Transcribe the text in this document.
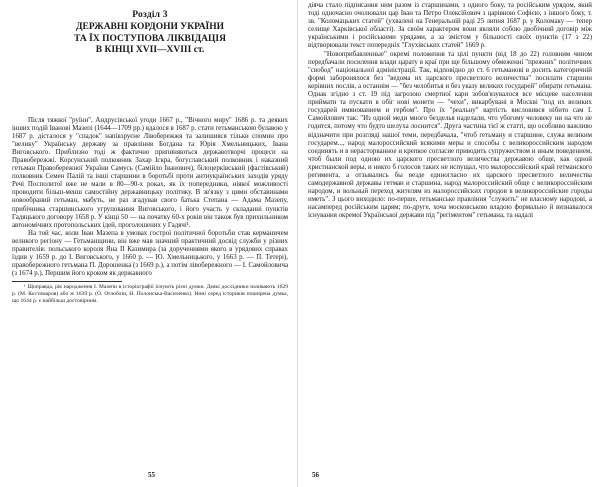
Розділ 3
ДЕРЖАВНІ КОРДОНИ УКРАЇНИ
ТА ЇХ ПОСТУПОВА ЛІКВІДАЦІЯ
В КІНЦІ XVII—XVIII ст.

Після тяжкої "руїни", Андрусівської угоди 1667 р., "Вічного миру" 1686 р. та деяких інших подій Іванові Мазепі (1644—1709 рр.) вдалося в 1687 р. стати гетьманською булавою у 1687 р. дісталося у "спадок" напівзруєне Лівобережжя та залишився тільки спомин про "велику" Українську державу за правління Богдана та Юрія Хмельницьких, Івана Виговського. Приблизно тоді ж фактично припиняються державотворчі процеси на Правобережжі. Корсунський полковник Захар Іскра, богуславський полковник і наказний гетьман Правобережної України Самусь (Самійло Іванович), білоцерківський (фастівський) полковник Семен Палій та інші старшини в боротьбі проти антиукраїнських заходів уряду Речі Посполитої вже не мали в 80—90-х роках, як їх попередники, ніякої можливості проводити більш-менш самостійну державницьку політику. В зв'язку з цими обставинами новообраний гетьман, мабуть, не раз згадував свого батька Степана — Адама Мазепу, прибічника старшинського угруповання Виговського, і його участь у складанні пунктів Гадяцького договору 1658 р. У кінці 50 — на початку 60-х років він також був прихильником автономічних протопольських ідей, проголошених у Гадячі¹.

На той час, коли Іван Мазепа в умовах гострої політичної боротьби став керманичем великого регіону — Гетьманщини, він вже мав значний практичний досвід служби у різних правителів: польського короля Яна II Казимира (за дорученнями якого в урядових справах їздив у 1659 р. до І. Виговського, у 1660 р. — Ю. Хмельницького, у 1663 р. — П. Тетері), правобережного гетьмана П. Дорошенка (з 1669 р.), а потім лівобережного — І. Самойловича (з 1674 р.). Першим його кроком як державного

¹ Щоправда, рік народження І. Мазепи в історіографії існують різні думки. Деякі дослідники називають 1629 р. (М. Костомаров) або ж 1639 р. (О. Оглоблін, Н. Полонська-Василенко). Нині серед істориків поширена думка, що 1644 р. є найбільш достовірним.

55

діяча стало підписання ним разом із старшинами, з одного боку, та російським урядом, який тоді одночасно очолювали цар Іван та Петро Олексійович з царівною Софією, з іншого боку, т. зв. "Коломацьких статей" (ухвалені на Генеральній раді 25 липня 1687 р. у Коломаку — тепер селище Харківської області). За своїм характером вони являли собою двобічний договір між українськими і російськими урядами, а за змістом у більшості своїх пунктів (17 з 22) відтворювали текст попередніх "Глухівських статей" 1669 р.

"Новоприбавленные" окремі положення та цілі пункти (від 18 до 22) головним чином передбачали посилення влади царату в краї при ще більшому обмеженні "прежних" політичних "свобод" національної адміністрації. Так, відповідно до ст. 6 гетьманові в досить категоричній формі заборонялося без "ведома их царского пресветлого величества" посилати старшин керівних послів, а останнім — "без челобитья и без указу великих государей" обирати гетьмана. Однак згідно з ст. 19 під загрозою смертної кари зобов'язувалося все місцеве населення приймати та пускати в обіг нові монети — "чехи", викарбувані в Москві "под их великих государей имянованием и гербом". Про їх "реальну" вартість висловився нібито сам І. Самойлович так: "Из одной меди много безделья наделали, что убогому человеку ни на что не годится, потому что будто шелуха лоснится". Друга частина тієї ж статті, що особливо важливо відзначити при розгляді нашої теми, передбачала, "чтоб гетьману и старшине, служа великим государем..., народ малороссийский всякими меры и способы с великороссийским народом соединять и в нерасторванное и крепкое согласие приводить супружеством и иным поведением, чтоб были под одною их царского пресветлого величества державою обще, как одной христианской веры, и никто б голосов таких не испущал, что малороссийский край гетманского регимента, а отзывались бы везде единогласно их царского пресветлого величества самодержавной державы гетман и старшина, народ малороссийский обще с великороссийским народом, и вольный переход жителям из малороссийских городов в великороссийские городы иметь". З цього виходило: по-перше, гетьманське правління "служить" не власному народові, а насамперед російським царям; по-друге, хоча московською владою формально й визнавалося існування окремої Української держави під "регіментом" гетьмана, та надалі

56
